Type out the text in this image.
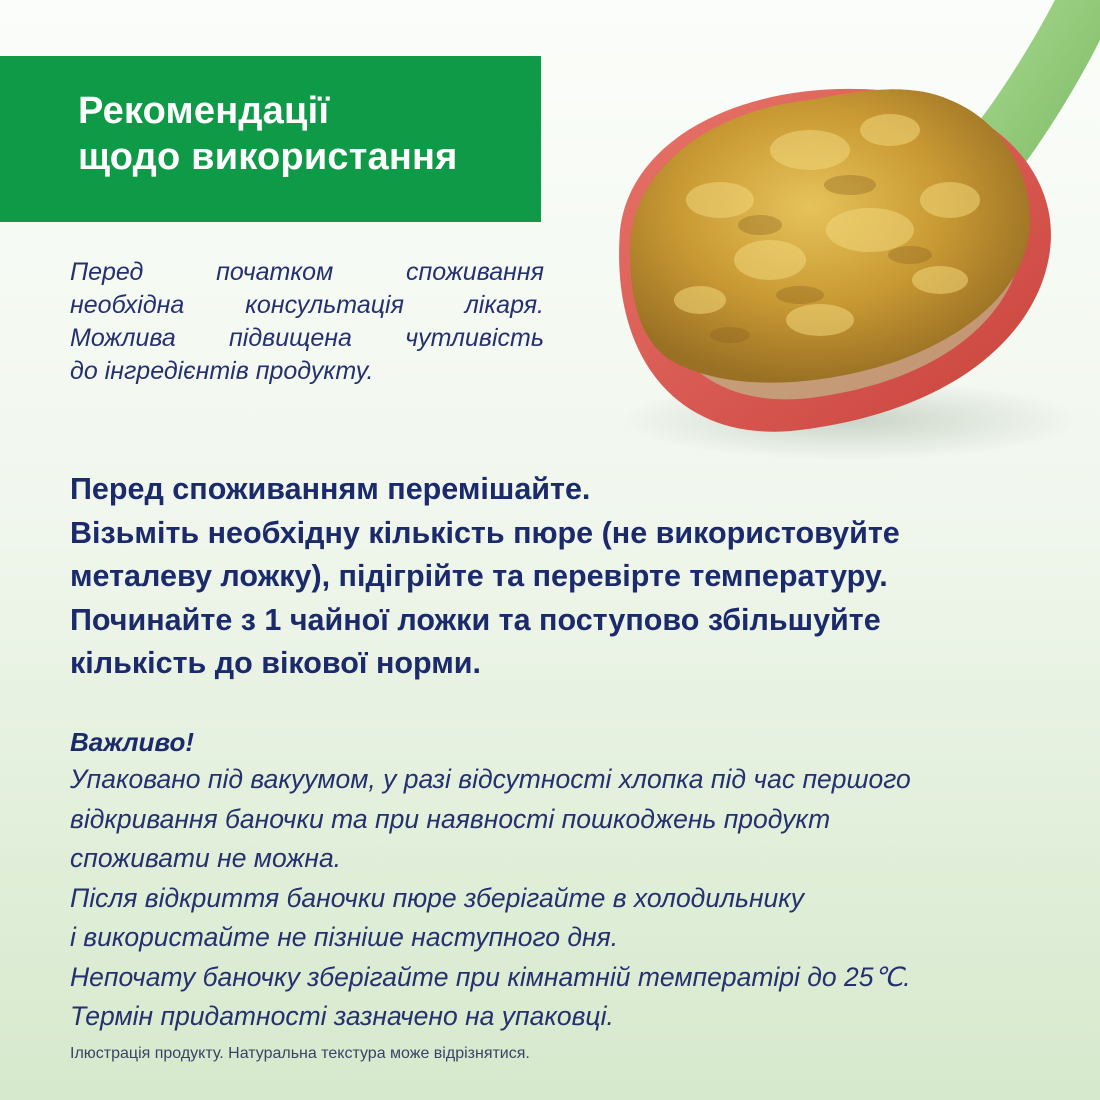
Рекомендації
щодо використання
Перед початком споживання
необхідна консультація лікаря.
Можлива підвищена чутливість
до інгредієнтів продукту.
Перед споживанням перемішайте.
Візьміть необхідну кількість пюре (не використовуйте
металеву ложку), підігрійте та перевірте температуру.
Починайте з 1 чайної ложки та поступово збільшуйте
кількість до вікової норми.
Важливо!
Упаковано під вакуумом, у разі відсутності хлопка під час першого
відкривання баночки та при наявності пошкоджень продукт
споживати не можна.
Після відкриття баночки пюре зберігайте в холодильнику
і використайте не пізніше наступного дня.
Непочату баночку зберігайте при кімнатній температірі до 25℃.
Термін придатності зазначено на упаковці.
Ілюстрація продукту. Натуральна текстура може відрізнятися.
